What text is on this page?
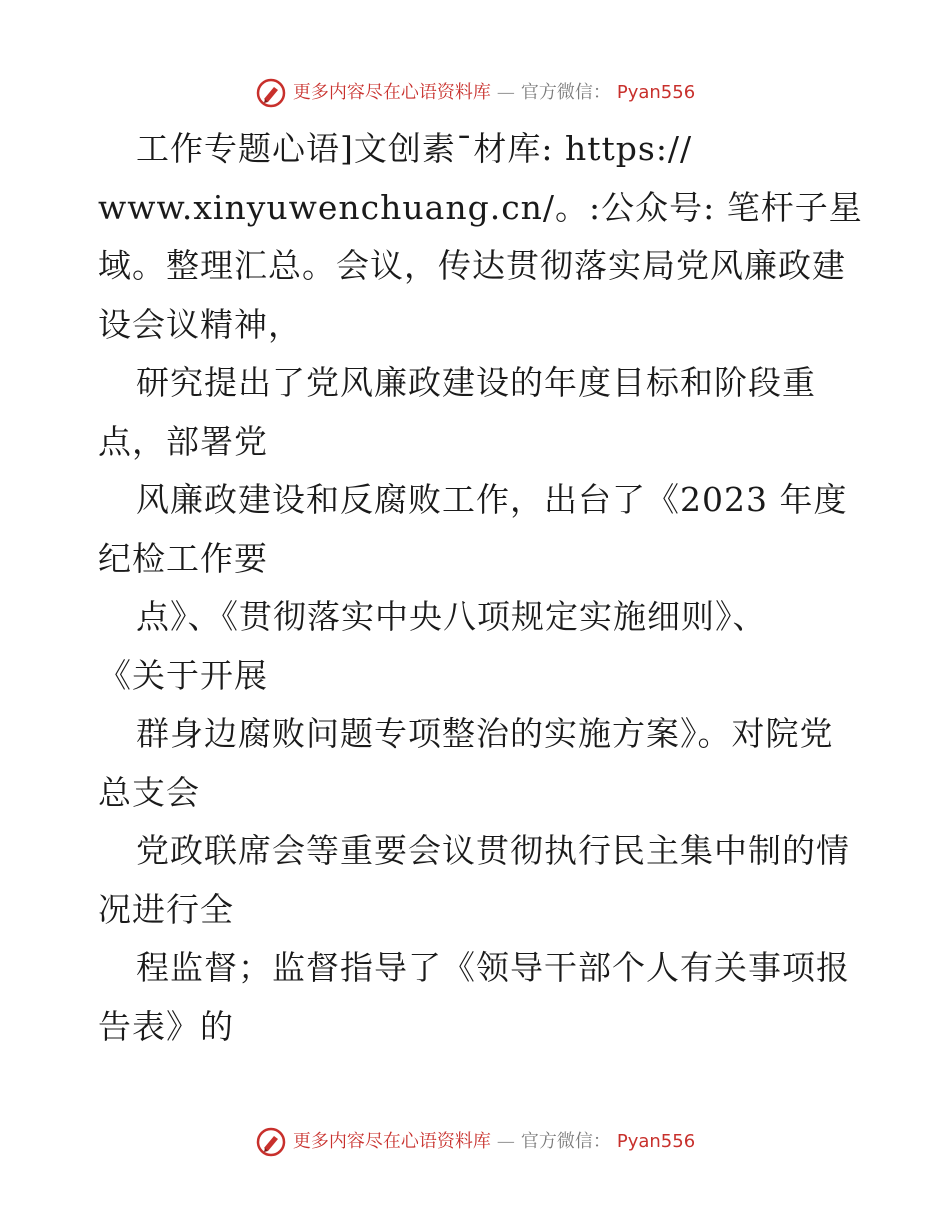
更多内容尽在心语资料库 — 官方微信： Pyan556
工作专题心语]文创素¯材库: https://
www.xinyuwenchuang.cn/。:公众号: 笔杆子星
域。整理汇总。会议，传达贯彻落实局党风廉政建
设会议精神，
研究提出了党风廉政建设的年度目标和阶段重
点，部署党
风廉政建设和反腐败工作，出台了《2023 年度
纪检工作要
点》、《贯彻落实中央八项规定实施细则》、
《关于开展
群身边腐败问题专项整治的实施方案》。对院党
总支会
党政联席会等重要会议贯彻执行民主集中制的情
况进行全
程监督；监督指导了《领导干部个人有关事项报
告表》的
更多内容尽在心语资料库 — 官方微信： Pyan556
